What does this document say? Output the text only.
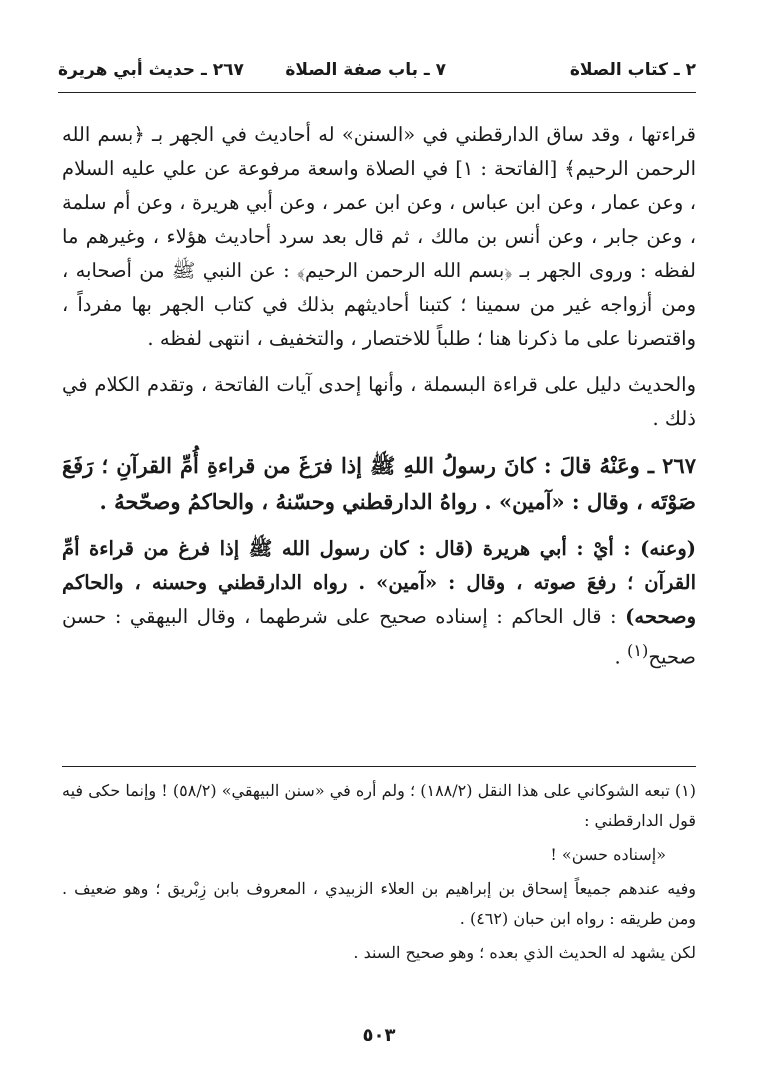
٢ ـ كتاب الصلاة
٧ ـ باب صفة الصلاة
٢٦٧ ـ حديث أبي هريرة

قراءتها ، وقد ساق الدارقطني في «السنن» له أحاديث في الجهر بـ ﴿بسم الله الرحمن الرحيم﴾ [الفاتحة : ١] في الصلاة واسعة مرفوعة عن علي عليه السلام ، وعن عمار ، وعن ابن عباس ، وعن ابن عمر ، وعن أبي هريرة ، وعن أم سلمة ، وعن جابر ، وعن أنس بن مالك ، ثم قال بعد سرد أحاديث هؤلاء ، وغيرهم ما لفظه : وروى الجهر بـ ﴿بسم الله الرحمن الرحيم﴾ : عن النبي ﷺ من أصحابه ، ومن أزواجه غير من سمينا ؛ كتبنا أحاديثهم بذلك في كتاب الجهر بها مفرداً ، واقتصرنا على ما ذكرنا هنا ؛ طلباً للاختصار ، والتخفيف ، انتهى لفظه .

والحديث دليل على قراءة البسملة ، وأنها إحدى آيات الفاتحة ، وتقدم الكلام في ذلك .

٢٦٧ ـ وعَنْهُ قالَ : كانَ رسولُ اللهِ ﷺ إذا فرَغَ من قراءةِ أُمِّ القرآنِ ؛ رَفَعَ صَوْتَه ، وقال : «آمين» . رواهُ الدارقطني وحسّنهُ ، والحاكمُ وصحّحهُ .

(وعنه) : أيْ : أبي هريرة (قال : كان رسول الله ﷺ إذا فرغ من قراءة أمِّ القرآن ؛ رفعَ صوته ، وقال : «آمين» . رواه الدارقطني وحسنه ، والحاكم وصححه) : قال الحاكم : إسناده صحيح على شرطهما ، وقال البيهقي : حسن صحيح$^{(١)}$ .

(١) تبعه الشوكاني على هذا النقل (١٨٨/٢) ؛ ولم أره في «سنن البيهقي» (٥٨/٢) ! وإنما حكى فيه قول الدارقطني :

«إسناده حسن» !

وفيه عندهم جميعاً إسحاق بن إبراهيم بن العلاء الزبيدي ، المعروف بابن زِبْريق ؛ وهو ضعيف . ومن طريقه : رواه ابن حبان (٤٦٢) .

لكن يشهد له الحديث الذي بعده ؛ وهو صحيح السند .

٥٠٣
